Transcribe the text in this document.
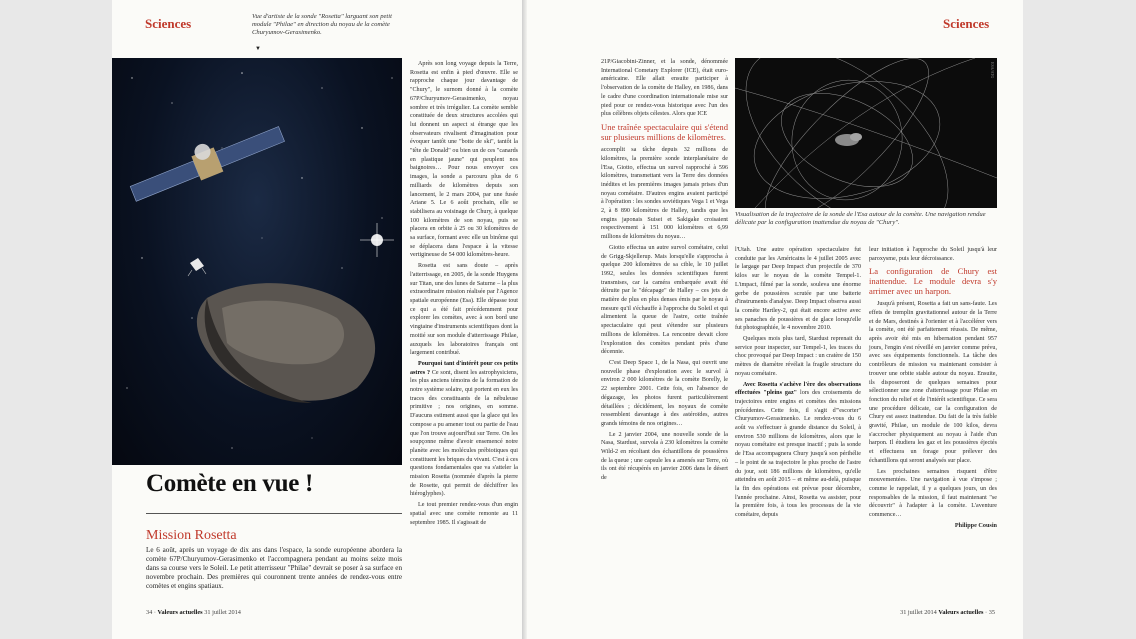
Sciences	Vue d'artiste de la sonde "Rosetta" larguant son petit module "Philae" en direction du noyau de la comète Churyumov-Gerasimenko.
▼

Après son long voyage depuis la Terre, Rosetta est enfin à pied d'œuvre. Elle se rapproche chaque jour davantage de "Chury", le surnom donné à la comète 67P/Churyumov-Gerasimenko, noyau sombre et très irrégulier. La comète semble constituée de deux structures accolées qui lui donnent un aspect si étrange que les observateurs rivalisent d'imagination pour évoquer tantôt une "botte de ski", tantôt la "tête de Donald" ou bien un de ces "canards en plastique jaune" qui peuplent nos baignoires… Pour nous envoyer ces images, la sonde a parcouru plus de 6 milliards de kilomètres depuis son lancement, le 2 mars 2004, par une fusée Ariane 5. Le 6 août prochain, elle se stabilisera au voisinage de Chury, à quelque 100 kilomètres de son noyau, puis se placera en orbite à 25 ou 30 kilomètres de sa surface, formant avec elle un binôme qui se déplacera dans l'espace à la vitesse vertigineuse de 54 000 kilomètres-heure.

Rosetta est sans doute – après l'atterrissage, en 2005, de la sonde Huygens sur Titan, une des lunes de Saturne – la plus extraordinaire mission réalisée par l'Agence spatiale européenne (Esa). Elle dépasse tout ce qui a été fait précédemment pour explorer les comètes, avec à son bord une vingtaine d'instruments scientifiques dont la moitié sur son module d'atterrissage Philae, auxquels les laboratoires français ont largement contribué.

Pourquoi tant d'intérêt pour ces petits astres ? Ce sont, disent les astrophysiciens, les plus anciens témoins de la formation de notre système solaire, qui portent en eux les traces des constituants de la nébuleuse primitive ; nos origines, en somme. D'aucuns estiment aussi que la glace qui les compose a pu amener tout ou partie de l'eau que l'on trouve aujourd'hui sur Terre. On les soupçonne même d'avoir ensemencé notre planète avec les molécules prébiotiques qui constituent les briques du vivant. C'est à ces questions fondamentales que va s'atteler la mission Rosetta (nommée d'après la pierre de Rosette, qui permit de déchiffrer les hiéroglyphes).

Le tout premier rendez-vous d'un engin spatial avec une comète remonte au 11 septembre 1985. Il s'agissait de

Comète en vue !
Mission Rosetta
Le 6 août, après un voyage de dix ans dans l'espace, la sonde européenne abordera la comète 67P/Churyumov-Gerasimenko et l'accompagnera pendant au moins seize mois dans sa course vers le Soleil. Le petit atterrisseur "Philae" devrait se poser à sa surface en novembre prochain. Des premières qui couronnent trente années de rendez-vous entre comètes et engins spatiaux.
34 · Valeurs actuelles 31 juillet 2014
Sciences

21P/Giacobini-Zinner, et la sonde, dénommée International Cometary Explorer (ICE), était euro-américaine. Elle allait ensuite participer à l'observation de la comète de Halley, en 1986, dans le cadre d'une coordination internationale mise sur pied pour ce rendez-vous historique avec l'un des plus célèbres objets célestes. Alors que ICE

Une traînée spectaculaire qui s'étend sur plusieurs millions de kilomètres.

accomplit sa tâche depuis 32 millions de kilomètres, la première sonde interplanétaire de l'Esa, Giotto, effectua un survol rapproché à 596 kilomètres, transmettant vers la Terre des données inédites et les premières images jamais prises d'un noyau cométaire. D'autres engins avaient participé à l'opération : les sondes soviétiques Vega 1 et Vega 2, à 8 890 kilomètres de Halley, tandis que les engins japonais Suisei et Sakigake croisaient respectivement à 151 000 kilomètres et 6,99 millions de kilomètres du noyau…

Giotto effectua un autre survol cométaire, celui de Grigg-Skjellerup. Mais lorsqu'elle s'approcha à quelque 200 kilomètres de sa cible, le 10 juillet 1992, seules les données scientifiques furent transmises, car la caméra embarquée avait été détruite par le "décapage" de Halley – ces jets de matière de plus en plus denses émis par le noyau à mesure qu'il s'échauffe à l'approche du Soleil et qui alimentent la queue de l'astre, cette traînée spectaculaire qui peut s'étendre sur plusieurs millions de kilomètres. La rencontre devait clore l'exploration des comètes pendant près d'une décennie.

C'est Deep Space 1, de la Nasa, qui ouvrit une nouvelle phase d'exploration avec le survol à environ 2 000 kilomètres de la comète Borelly, le 22 septembre 2001. Cette fois, en l'absence de dégazage, les photos furent particulièrement détaillées ; décidément, les noyaux de comète ressemblent davantage à des astéroïdes, autres grands témoins de nos origines…

Le 2 janvier 2004, une nouvelle sonde de la Nasa, Stardust, survola à 230 kilomètres la comète Wild-2 en récoltant des échantillons de poussières de la queue ; une capsule les a amenés sur Terre, où ils ont été récupérés en janvier 2006 dans le désert de

ESA/ATG
Visualisation de la trajectoire de la sonde de l'Esa autour de la comète. Une navigation rendue délicate par la configuration inattendue du noyau de "Chury".

l'Utah. Une autre opération spectaculaire fut conduite par les Américains le 4 juillet 2005 avec le largage par Deep Impact d'un projectile de 370 kilos sur le noyau de la comète Tempel-1. L'impact, filmé par la sonde, souleva une énorme gerbe de poussières scrutée par une batterie d'instruments d'analyse. Deep Impact observa aussi la comète Hartley-2, qui était encore active avec ses panaches de poussières et de glace lorsqu'elle fut photographiée, le 4 novembre 2010.

Quelques mois plus tard, Stardust reprenait du service pour inspecter, sur Tempel-1, les traces du choc provoqué par Deep Impact : un cratère de 150 mètres de diamètre révélait la fragile structure du noyau cométaire.

Avec Rosetta s'achève l'ère des observations effectuées "pleins gaz" lors des croisements de trajectoires entre engins et comètes des missions précédentes. Cette fois, il s'agit d'"escorter" Churyumov-Gerasimenko. Le rendez-vous du 6 août va s'effectuer à grande distance du Soleil, à environ 530 millions de kilomètres, alors que le noyau cométaire est presque inactif ; puis la sonde de l'Esa accompagnera Chury jusqu'à son périhélie – le point de sa trajectoire le plus proche de l'astre du jour, soit 186 millions de kilomètres, qu'elle atteindra en août 2015 – et même au-delà, puisque la fin des opérations est prévue pour décembre, l'année prochaine. Ainsi, Rosetta va assister, pour la première fois, à tous les processus de la vie cométaire, depuis

leur initiation à l'approche du Soleil jusqu'à leur paroxysme, puis leur décroissance.

La configuration de Chury est inattendue. Le module devra s'y arrimer avec un harpon.

Jusqu'à présent, Rosetta a fait un sans-faute. Les effets de tremplin gravitationnel autour de la Terre et de Mars, destinés à l'orienter et à l'accélérer vers la comète, ont été parfaitement réussis. De même, après avoir été mis en hibernation pendant 957 jours, l'engin s'est réveillé en janvier comme prévu, avec ses équipements fonctionnels. La tâche des contrôleurs de mission va maintenant consister à trouver une orbite stable autour du noyau. Ensuite, ils disposeront de quelques semaines pour sélectionner une zone d'atterrissage pour Philae en fonction du relief et de l'intérêt scientifique. Ce sera une procédure délicate, car la configuration de Chury est assez inattendue. Du fait de la très faible gravité, Philae, un module de 100 kilos, devra s'accrocher physiquement au noyau à l'aide d'un harpon. Il étudiera les gaz et les poussières éjectés et effectuera un forage pour prélever des échantillons qui seront analysés sur place.

Les prochaines semaines risquent d'être mouvementées. Une navigation à vue s'impose ; comme le rappelait, il y a quelques jours, un des responsables de la mission, il faut maintenant "se découvrir" à l'adapter à la comète. L'aventure commence…

Philippe Cousin
31 juillet 2014 Valeurs actuelles · 35
